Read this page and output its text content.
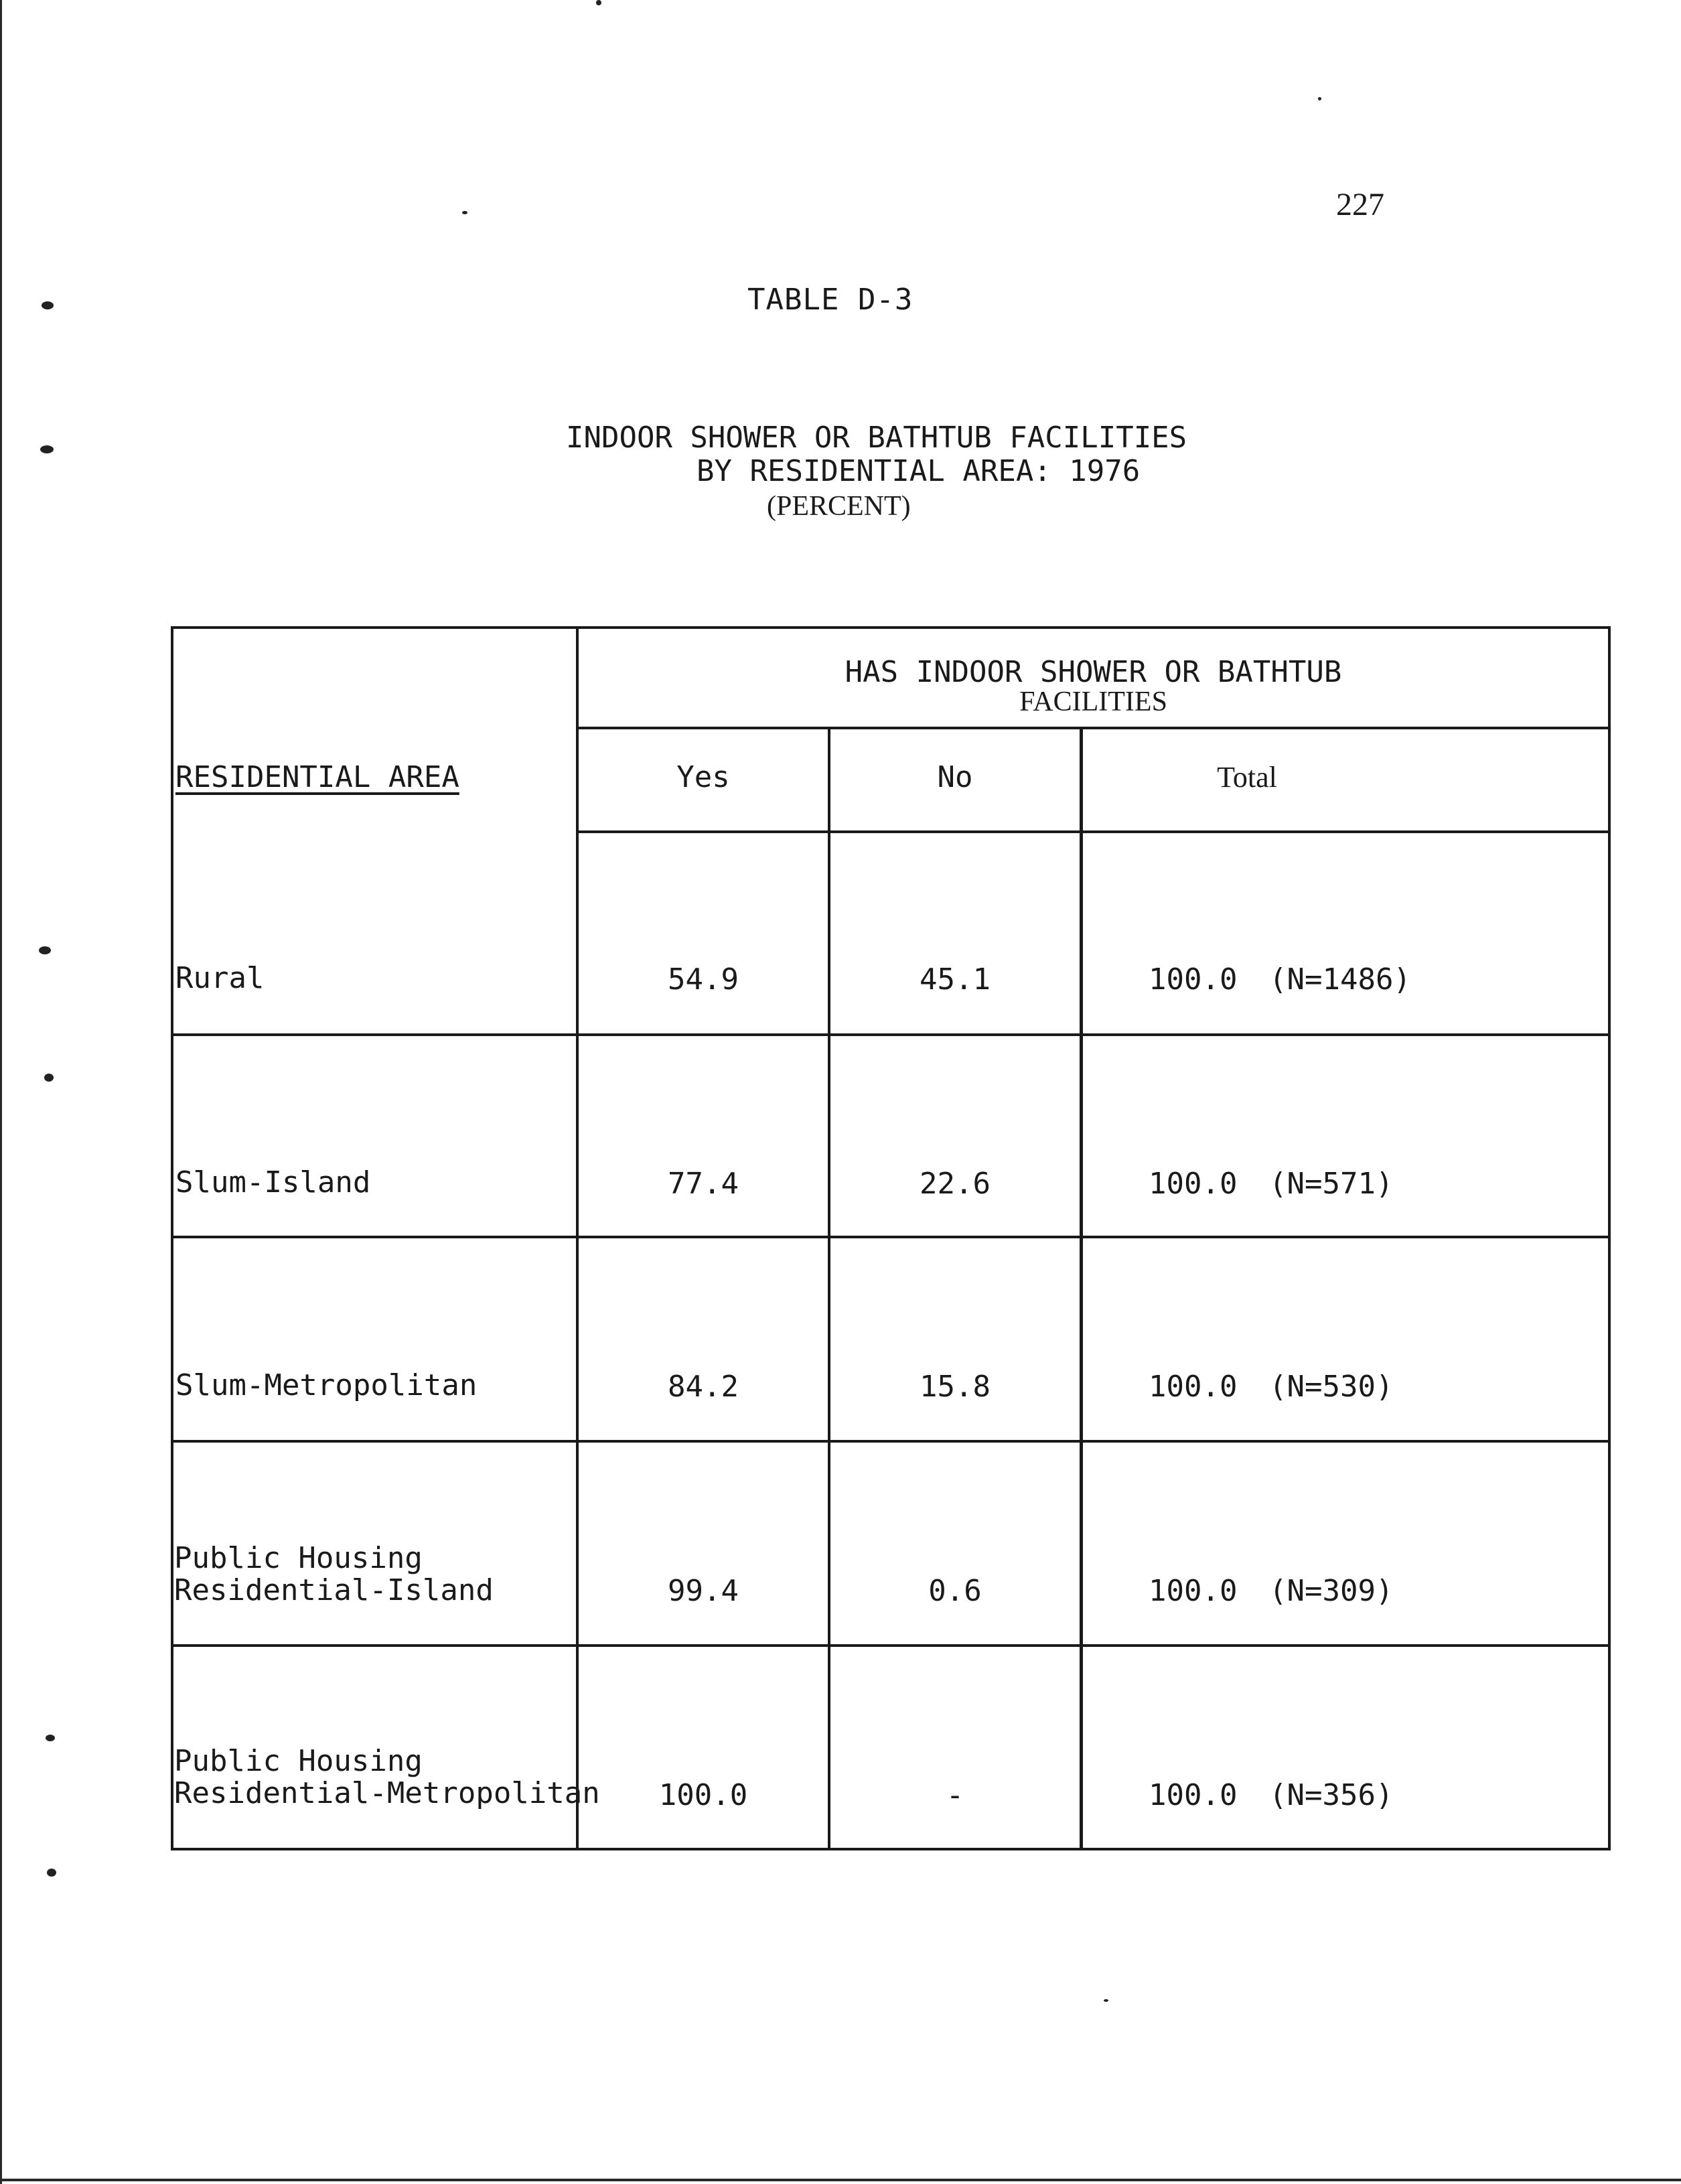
227
TABLE D-3
INDOOR SHOWER OR BATHTUB FACILITIES
BY RESIDENTIAL AREA: 1976
(PERCENT)
HAS INDOOR SHOWER OR BATHTUB
FACILITIES
RESIDENTIAL AREA	Yes	No	Total
Rural	54.9	45.1	100.0 (N=1486)
Slum-Island	77.4	22.6	100.0 (N=571)
Slum-Metropolitan	84.2	15.8	100.0 (N=530)
Public Housing
Residential-Island	99.4	0.6	100.0 (N=309)
Public Housing
Residential-Metropolitan	100.0	-	100.0 (N=356)
